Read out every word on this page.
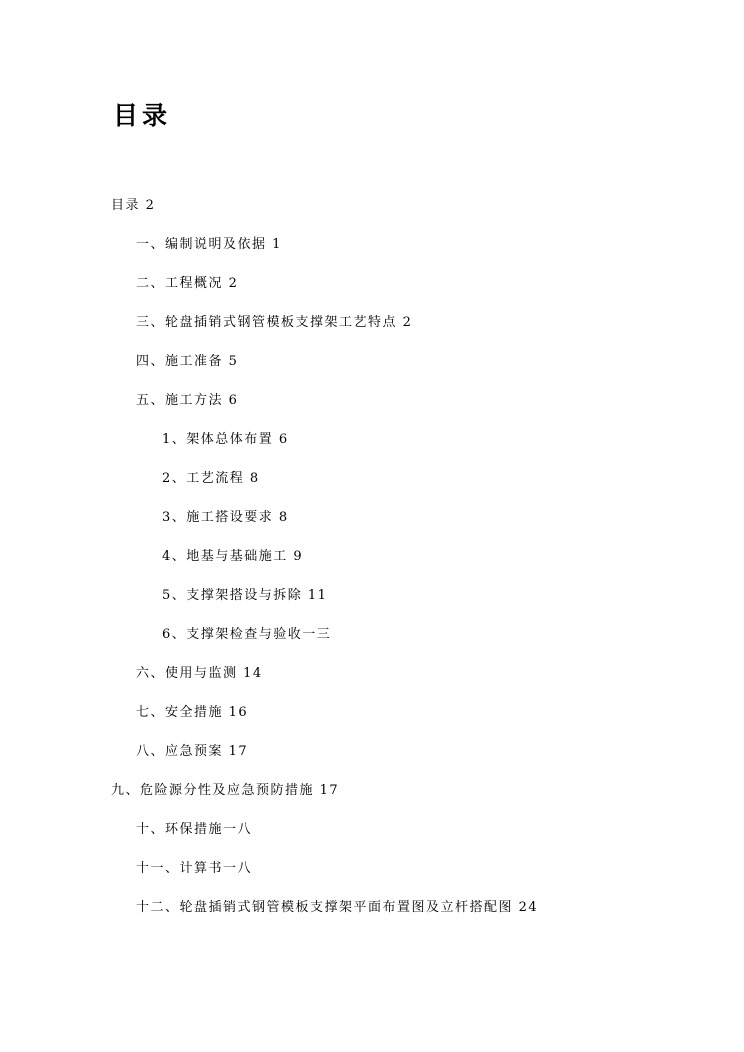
目录
目录 2
一、编制说明及依据 1
二、工程概况 2
三、轮盘插销式钢管模板支撑架工艺特点 2
四、施工准备 5
五、施工方法 6
1、架体总体布置 6
2、工艺流程 8
3、施工搭设要求 8
4、地基与基础施工 9
5、支撑架搭设与拆除 11
6、支撑架检查与验收一三
六、使用与监测 14
七、安全措施 16
八、应急预案 17
九、危险源分性及应急预防措施 17
十、环保措施一八
十一、计算书一八
十二、轮盘插销式钢管模板支撑架平面布置图及立杆搭配图 24
